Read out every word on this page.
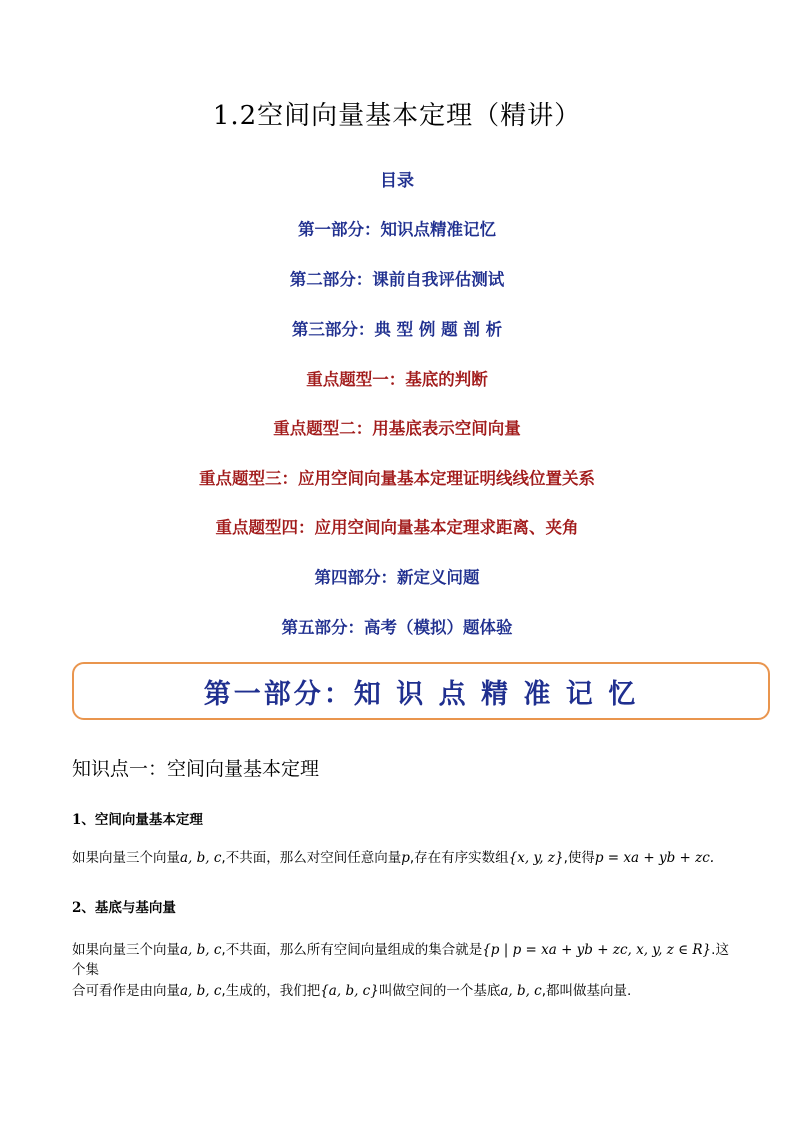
1.2空间向量基本定理（精讲）
目录
第一部分：知识点精准记忆
第二部分：课前自我评估测试
第三部分：典 型 例 题 剖 析
重点题型一：基底的判断
重点题型二：用基底表示空间向量
重点题型三：应用空间向量基本定理证明线线位置关系
重点题型四：应用空间向量基本定理求距离、夹角
第四部分：新定义问题
第五部分：高考（模拟）题体验
第一部分：知 识 点 精 准 记 忆
知识点一：空间向量基本定理
1、空间向量基本定理
如果向量三个向量a, b, c,不共面，那么对空间任意向量p,存在有序实数组{x, y, z},使得p = xa + yb + zc.
2、基底与基向量
如果向量三个向量a, b, c,不共面，那么所有空间向量组成的集合就是{p | p = xa + yb + zc, x, y, z ∈ R}.这个集
合可看作是由向量a, b, c,生成的，我们把{a, b, c}叫做空间的一个基底a, b, c,都叫做基向量.
